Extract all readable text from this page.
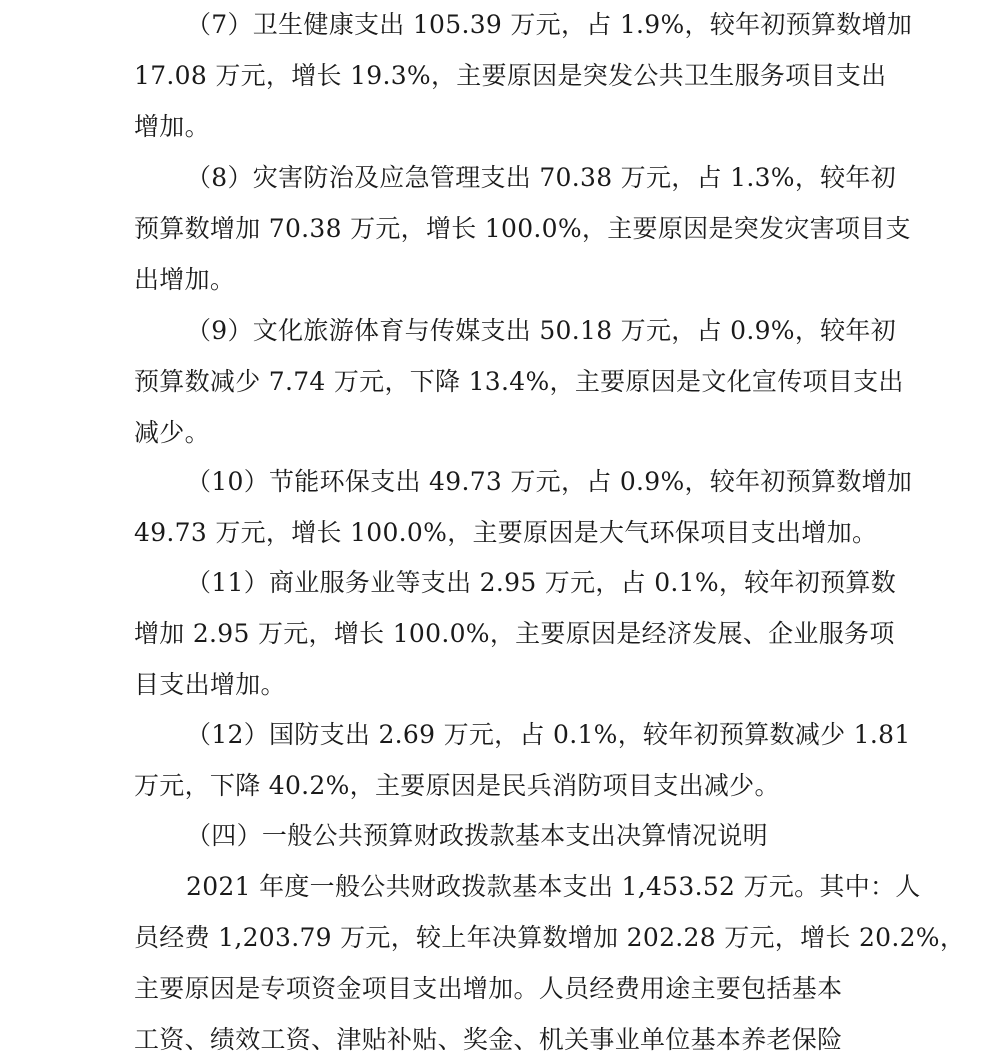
（7）卫生健康支出 105.39 万元，占 1.9%，较年初预算数增加
17.08 万元，增长 19.3%，主要原因是突发公共卫生服务项目支出
增加。
（8）灾害防治及应急管理支出 70.38 万元，占 1.3%，较年初
预算数增加 70.38 万元，增长 100.0%，主要原因是突发灾害项目支
出增加。
（9）文化旅游体育与传媒支出 50.18 万元，占 0.9%，较年初
预算数减少 7.74 万元，下降 13.4%，主要原因是文化宣传项目支出
减少。
（10）节能环保支出 49.73 万元，占 0.9%，较年初预算数增加
49.73 万元，增长 100.0%，主要原因是大气环保项目支出增加。
（11）商业服务业等支出 2.95 万元，占 0.1%，较年初预算数
增加 2.95 万元，增长 100.0%，主要原因是经济发展、企业服务项
目支出增加。
（12）国防支出 2.69 万元，占 0.1%，较年初预算数减少 1.81
万元，下降 40.2%，主要原因是民兵消防项目支出减少。
（四）一般公共预算财政拨款基本支出决算情况说明
2021 年度一般公共财政拨款基本支出 1,453.52 万元。其中：人
员经费 1,203.79 万元，较上年决算数增加 202.28 万元，增长 20.2%，
主要原因是专项资金项目支出增加。人员经费用途主要包括基本
工资、绩效工资、津贴补贴、奖金、机关事业单位基本养老保险
